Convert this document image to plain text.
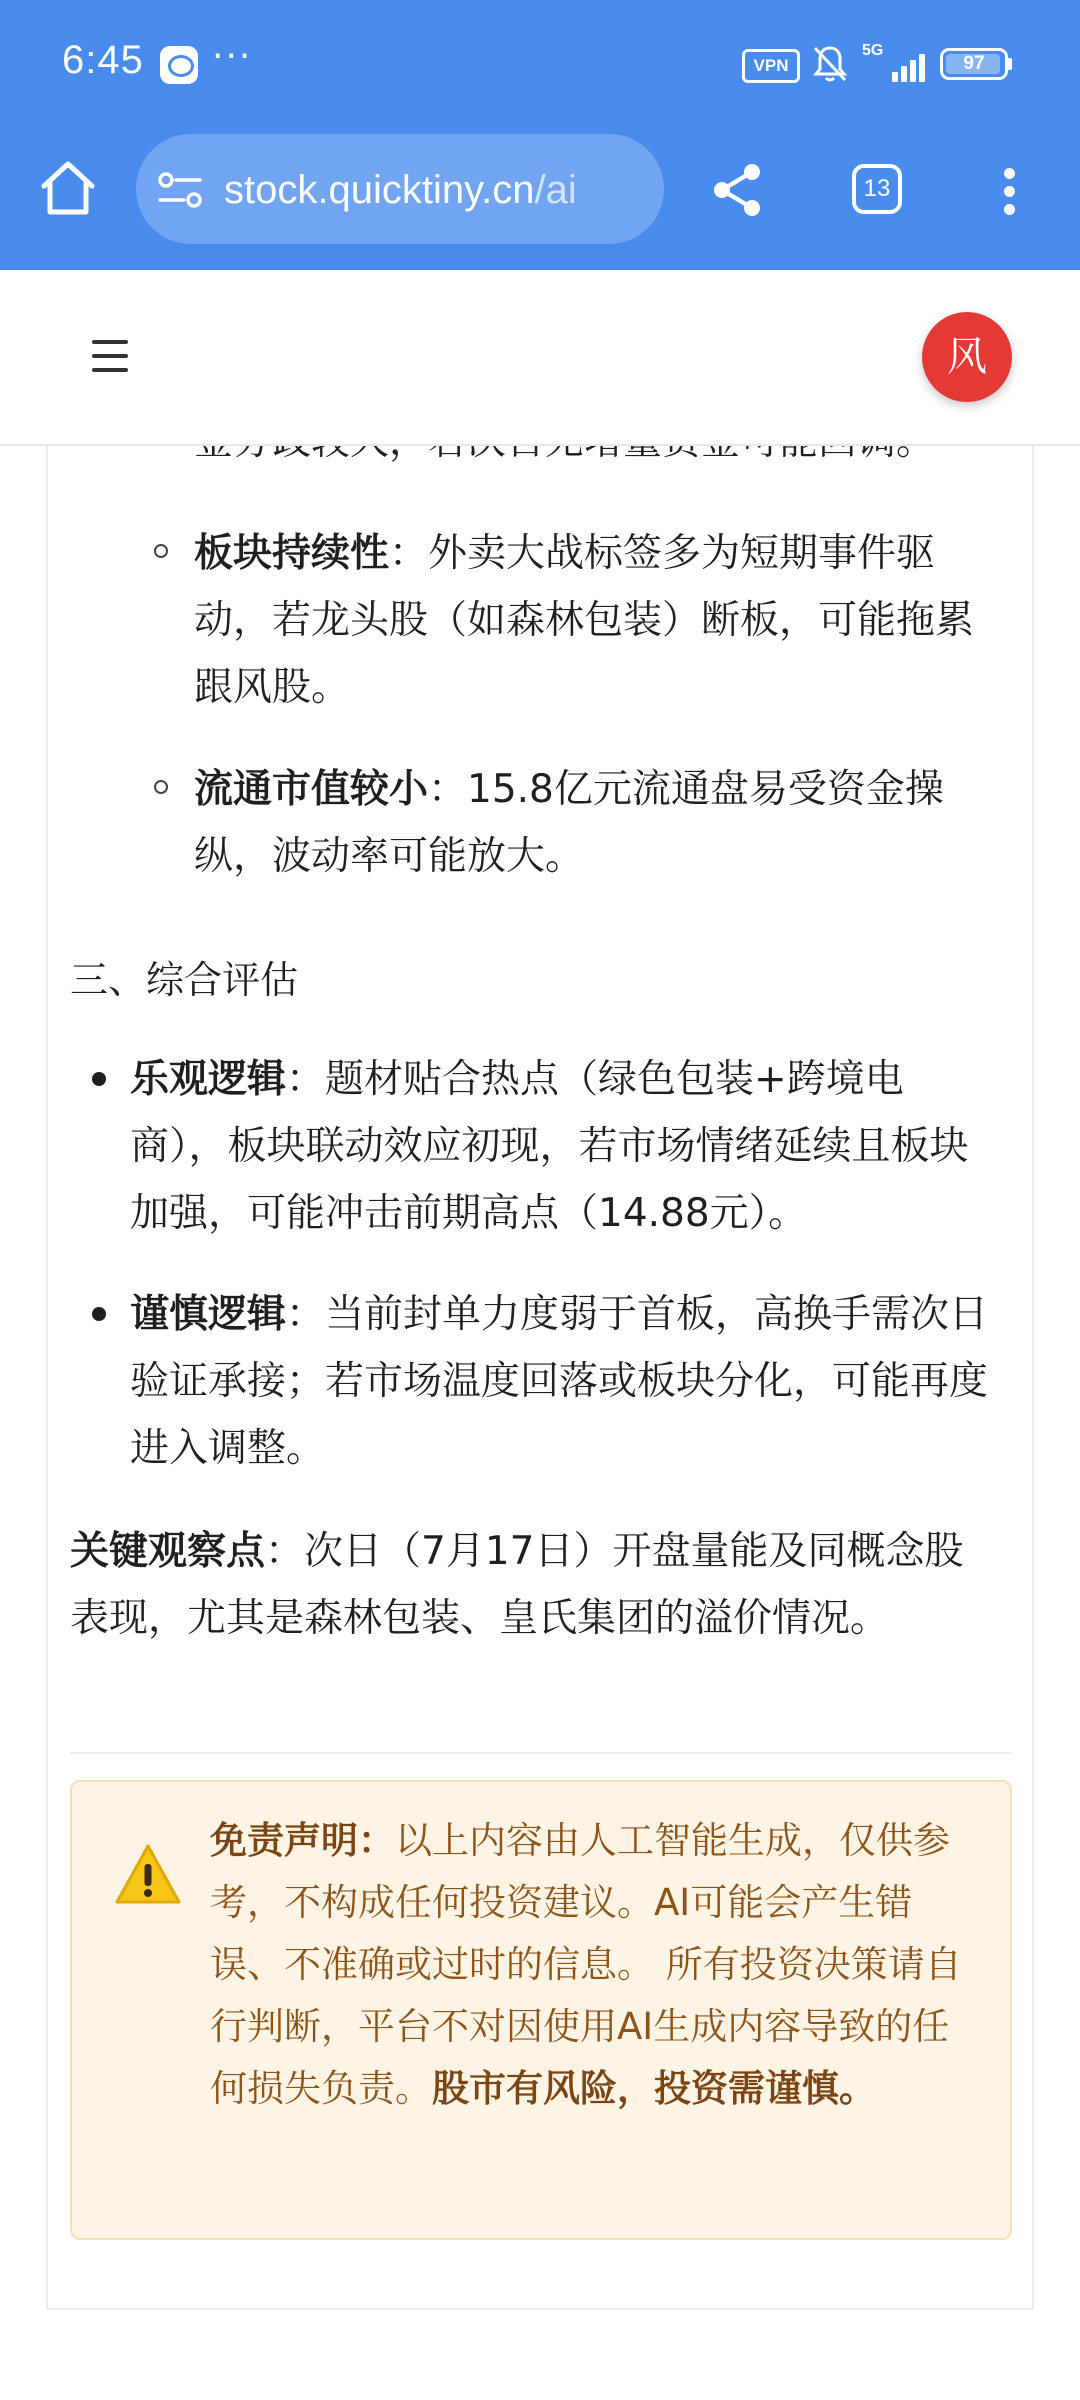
6:45 ···	VPN
5G
97
stock.quicktiny.cn/ai	13
风
板块持续性：外卖大战标签多为短期事件驱动，若龙头股（如森林包装）断板，可能拖累跟风股。
流通市值较小：15.8亿元流通盘易受资金操纵，波动率可能放大。
三、综合评估
乐观逻辑：题材贴合热点（绿色包装+跨境电商），板块联动效应初现，若市场情绪延续且板块加强，可能冲击前期高点（14.88元）。
谨慎逻辑：当前封单力度弱于首板，高换手需次日验证承接；若市场温度回落或板块分化，可能再度进入调整。
关键观察点：次日（7月17日）开盘量能及同概念股表现，尤其是森林包装、皇氏集团的溢价情况。
免责声明：以上内容由人工智能生成，仅供参考，不构成任何投资建议。AI可能会产生错误、不准确或过时的信息。 所有投资决策请自行判断，平台不对因使用AI生成内容导致的任何损失负责。股市有风险，投资需谨慎。
